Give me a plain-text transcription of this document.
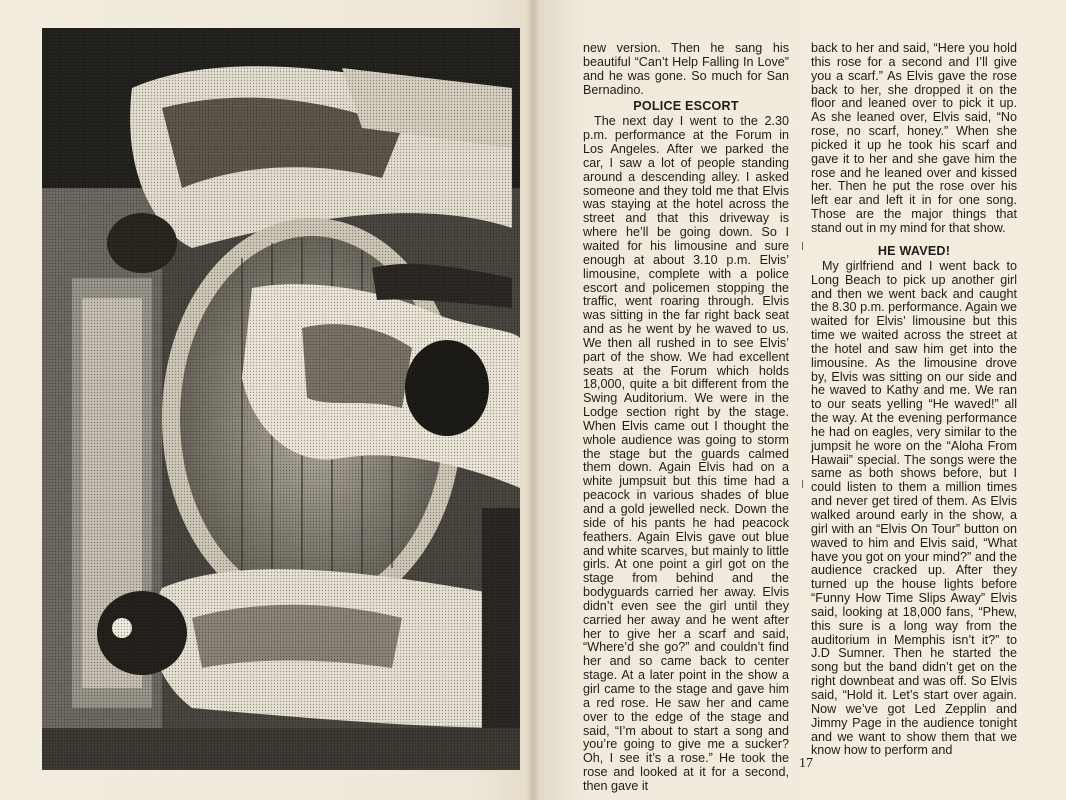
new version. Then he sang his beautiful “Can’t Help Falling In Love” and he was gone. So much for San Bernadino.

POLICE ESCORT

The next day I went to the 2.30 p.m. performance at the Forum in Los Angeles. After we parked the car, I saw a lot of people standing around a descending alley. I asked someone and they told me that Elvis was staying at the hotel across the street and that this driveway is where he’ll be going down. So I waited for his limousine and sure enough at about 3.10 p.m. Elvis’ limousine, complete with a police escort and policemen stopping the traffic, went roaring through. Elvis was sitting in the far right back seat and as he went by he waved to us. We then all rushed in to see Elvis’ part of the show. We had excellent seats at the Forum which holds 18,000, quite a bit different from the Swing Auditorium. We were in the Lodge section right by the stage. When Elvis came out I thought the whole audience was going to storm the stage but the guards calmed them down. Again Elvis had on a white jumpsuit but this time had a peacock in various shades of blue and a gold jewelled neck. Down the side of his pants he had peacock feathers. Again Elvis gave out blue and white scarves, but mainly to little girls. At one point a girl got on the stage from behind and the bodyguards carried her away. Elvis didn’t even see the girl until they carried her away and he went after her to give her a scarf and said, “Where’d she go?” and couldn’t find her and so came back to center stage. At a later point in the show a girl came to the stage and gave him a red rose. He saw her and came over to the edge of the stage and said, “I’m about to start a song and you’re going to give me a sucker? Oh, I see it’s a rose.” He took the rose and looked at it for a second, then gave it

back to her and said, “Here you hold this rose for a second and I’ll give you a scarf.” As Elvis gave the rose back to her, she dropped it on the floor and leaned over to pick it up. As she leaned over, Elvis said, “No rose, no scarf, honey.” When she picked it up he took his scarf and gave it to her and she gave him the rose and he leaned over and kissed her. Then he put the rose over his left ear and left it in for one song. Those are the major things that stand out in my mind for that show.

HE WAVED!

My girlfriend and I went back to Long Beach to pick up another girl and then we went back and caught the 8.30 p.m. performance. Again we waited for Elvis’ limousine but this time we waited across the street at the hotel and saw him get into the limousine. As the limousine drove by, Elvis was sitting on our side and he waved to Kathy and me. We ran to our seats yelling “He waved!” all the way. At the evening performance he had on eagles, very similar to the jumpsit he wore on the “Aloha From Hawaii” special. The songs were the same as both shows before, but I could listen to them a million times and never get tired of them. As Elvis walked around early in the show, a girl with an “Elvis On Tour” button on waved to him and Elvis said, “What have you got on your mind?” and the audience cracked up. After they turned up the house lights before “Funny How Time Slips Away” Elvis said, looking at 18,000 fans, “Phew, this sure is a long way from the auditorium in Memphis isn’t it?” to J.D Sumner. Then he started the song but the band didn’t get on the right downbeat and was off. So Elvis said, “Hold it. Let’s start over again. Now we’ve got Led Zepplin and Jimmy Page in the audience tonight and we want to show them that we know how to perform and

17
